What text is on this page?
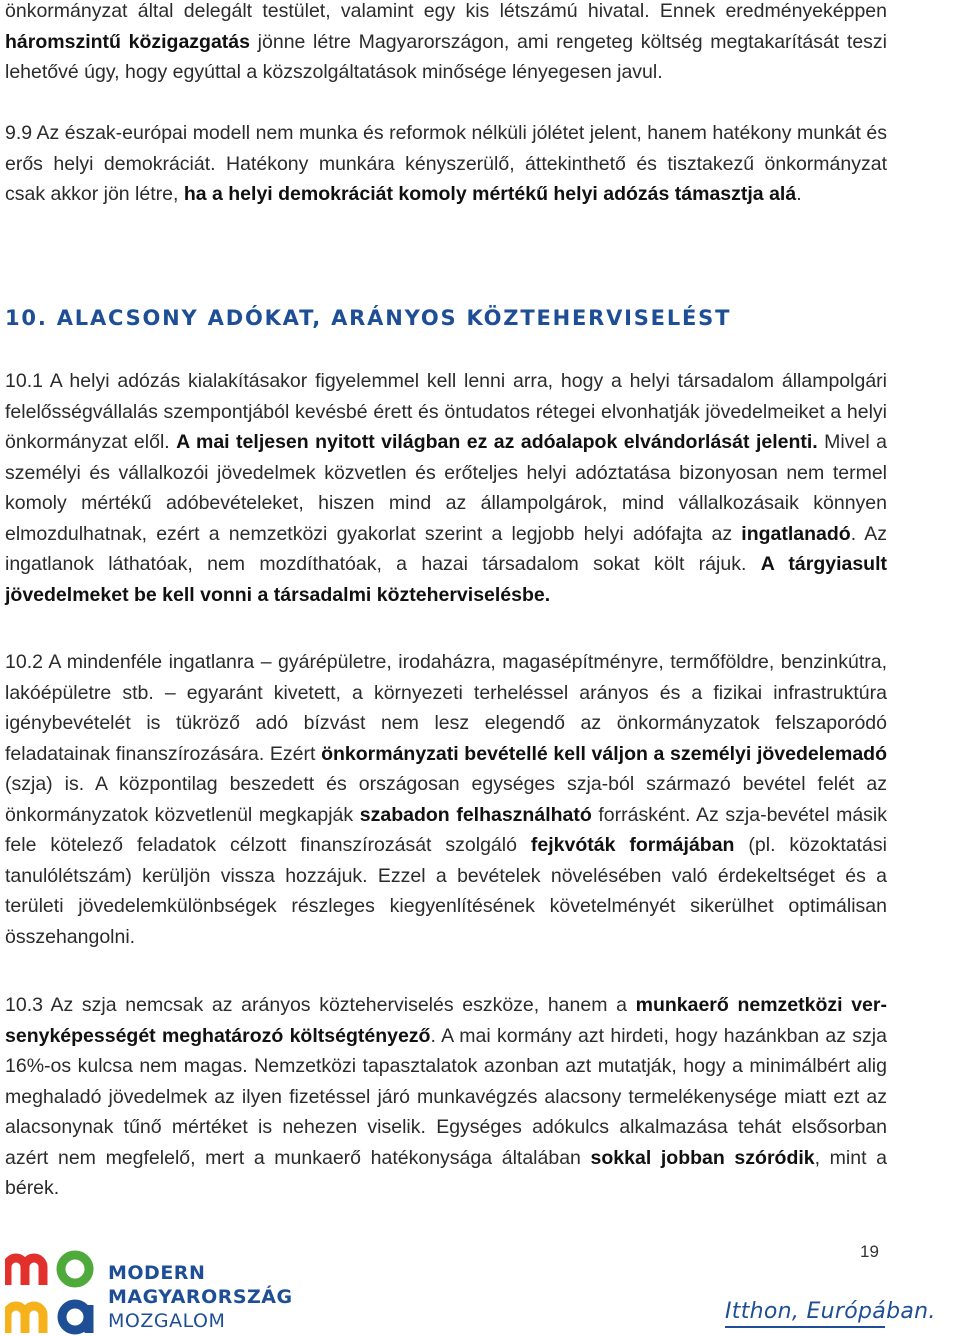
önkormányzat által delegált testület, valamint egy kis létszámú hivatal. Ennek eredményeképpen háromszintű közigazgatás jönne létre Magyarországon, ami rengeteg költség megtakarítását teszi lehetővé úgy, hogy egyúttal a közszolgáltatások minősége lényegesen javul.

9.9 Az észak-európai modell nem munka és reformok nélküli jólétet jelent, hanem hatékony munkát és erős helyi demokráciát. Hatékony munkára kényszerülő, áttekinthető és tisztakezű önkormányzat csak akkor jön létre, ha a helyi demokráciát komoly mértékű helyi adózás támasztja alá.

10. ALACSONY ADÓKAT, ARÁNYOS KÖZTEHERVISELÉST

10.1 A helyi adózás kialakításakor figyelemmel kell lenni arra, hogy a helyi társadalom állampolgári felelősségvállalás szempontjából kevésbé érett és öntudatos rétegei elvonhatják jövedelmeiket a helyi önkormányzat elől. A mai teljesen nyitott világban ez az adóalapok elvándorlását jelenti. Mivel a személyi és vállalkozói jövedelmek közvetlen és erőteljes helyi adóztatása bizonyosan nem termel komoly mértékű adóbevételeket, hiszen mind az állampolgárok, mind vállalkozásaik könnyen elmozdulhatnak, ezért a nemzetközi gyakorlat szerint a legjobb helyi adófajta az ingatlanadó. Az ingatlanok láthatóak, nem mozdíthatóak, a hazai társadalom sokat költ rájuk. A tárgyiasult jövedelmeket be kell vonni a társadalmi közteherviselésbe.

10.2 A mindenféle ingatlanra – gyárépületre, irodaházra, magasépítményre, termőföldre, benzinkútra, lakóépületre stb. – egyaránt kivetett, a környezeti terheléssel arányos és a fizikai infrastruktúra igénybevételét is tükröző adó bízvást nem lesz elegendő az önkormányzatok felszaporódó feladatainak finanszírozására. Ezért önkormányzati bevétellé kell váljon a személyi jövedelemadó (szja) is. A központilag beszedett és országosan egységes szja-ból származó bevétel felét az önkormányzatok közvetlenül megkapják szabadon felhasználható forrásként. Az szja-bevétel másik fele kötelező feladatok célzott finanszírozását szolgáló fejkvóták formájában (pl. közoktatási tanulólétszám) kerüljön vissza hozzájuk. Ezzel a bevételek növelésében való érdekeltséget és a területi jövedelemkülönbségek részleges kiegyenlítésének követelményét sikerülhet optimálisan összehangolni.

10.3 Az szja nemcsak az arányos közteherviselés eszköze, hanem a munkaerő nemzetközi versenyképességét meghatározó költségtényező. A mai kormány azt hirdeti, hogy hazánkban az szja 16%-os kulcsa nem magas. Nemzetközi tapasztalatok azonban azt mutatják, hogy a minimálbért alig meghaladó jövedelmek az ilyen fizetéssel járó munkavégzés alacsony termelékenysége miatt ezt az alacsonynak tűnő mértéket is nehezen viselik. Egységes adókulcs alkalmazása tehát elsősorban azért nem megfelelő, mert a munkaerő hatékonysága általában sokkal jobban szóródik, mint a bérek.

MODERN
MAGYARORSZÁG
MOZGALOM
19
Itthon, Európában.
